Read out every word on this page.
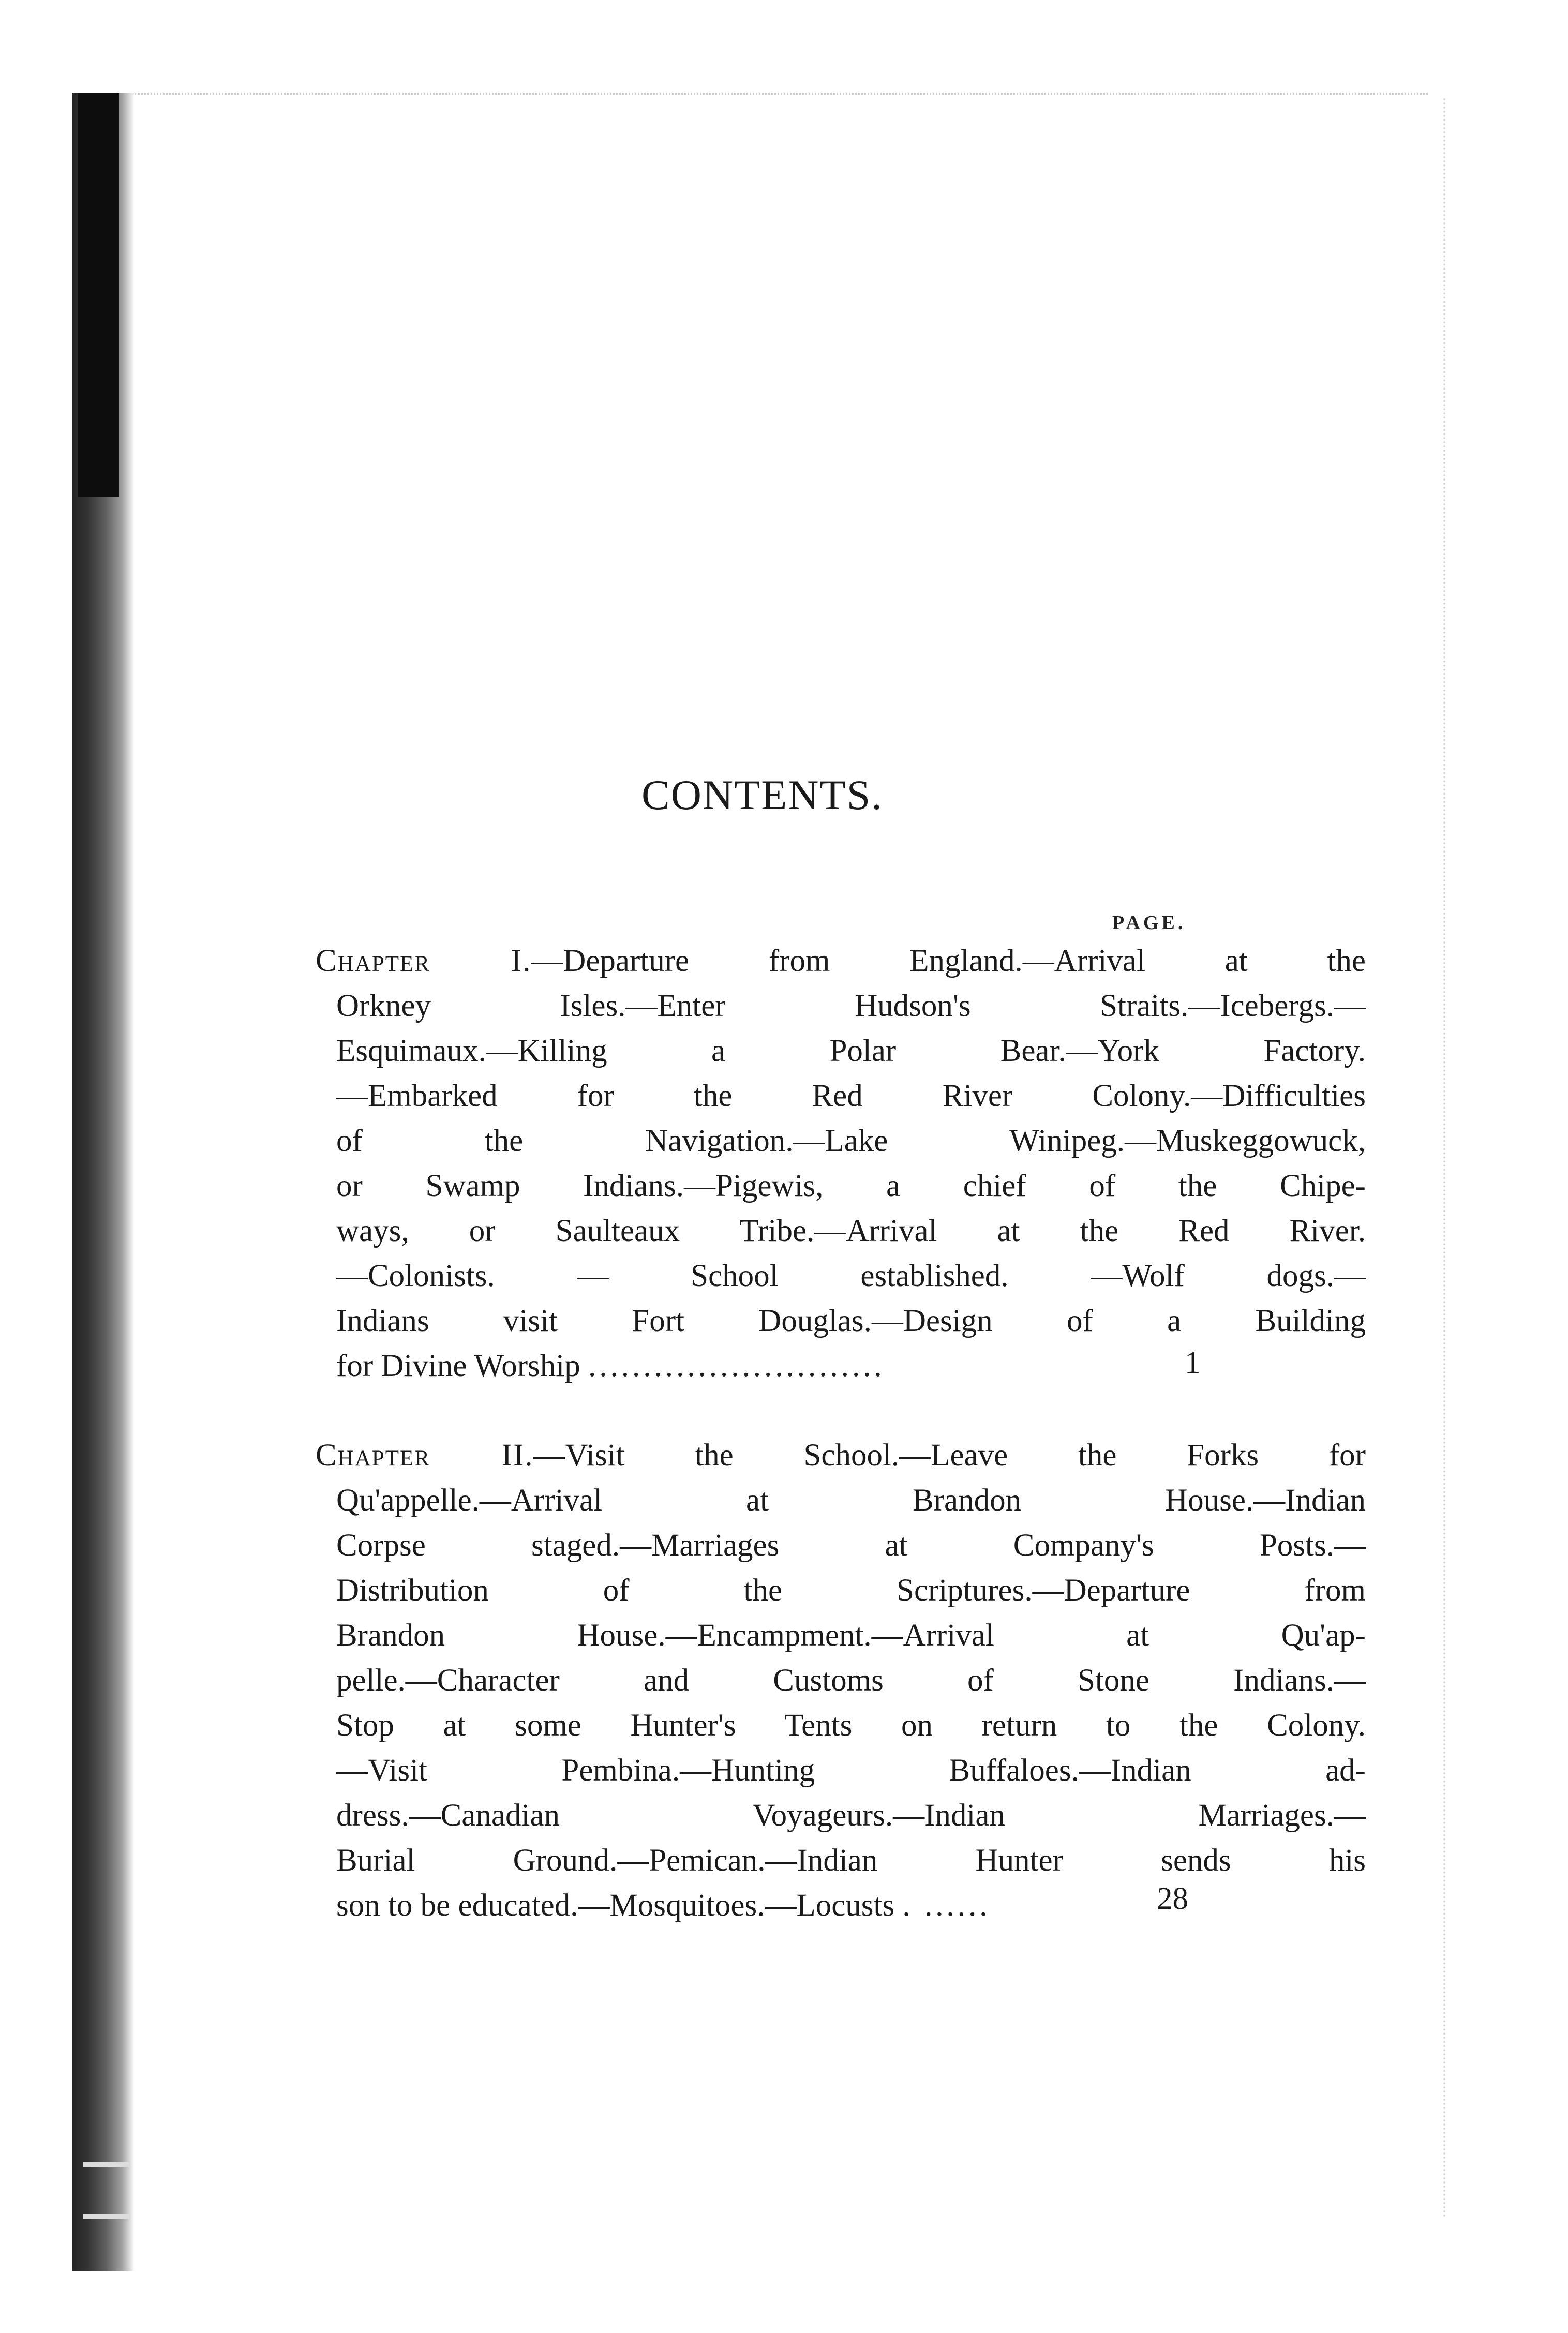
CONTENTS.
PAGE.
Chapter I.—Departure from England.—Arrival at the
Orkney Isles.—Enter Hudson's Straits.—Icebergs.—
Esquimaux.—Killing a Polar Bear.—York Factory.
—Embarked for the Red River Colony.—Difficulties
of the Navigation.—Lake Winipeg.—Muskeggowuck,
or Swamp Indians.—Pigewis, a chief of the Chipe-
ways, or Saulteaux Tribe.—Arrival at the Red River.
—Colonists. — School established. —Wolf dogs.—
Indians visit Fort Douglas.—Design of a Building
for Divine Worship ...........................	1
Chapter II.—Visit the School.—Leave the Forks for
Qu'appelle.—Arrival at Brandon House.—Indian
Corpse staged.—Marriages at Company's Posts.—
Distribution of the Scriptures.—Departure from
Brandon House.—Encampment.—Arrival at Qu'ap-
pelle.—Character and Customs of Stone Indians.—
Stop at some Hunter's Tents on return to the Colony.
—Visit Pembina.—Hunting Buffaloes.—Indian ad-
dress.—Canadian Voyageurs.—Indian Marriages.—
Burial Ground.—Pemican.—Indian Hunter sends his
son to be educated.—Mosquitoes.—Locusts . ......	28
